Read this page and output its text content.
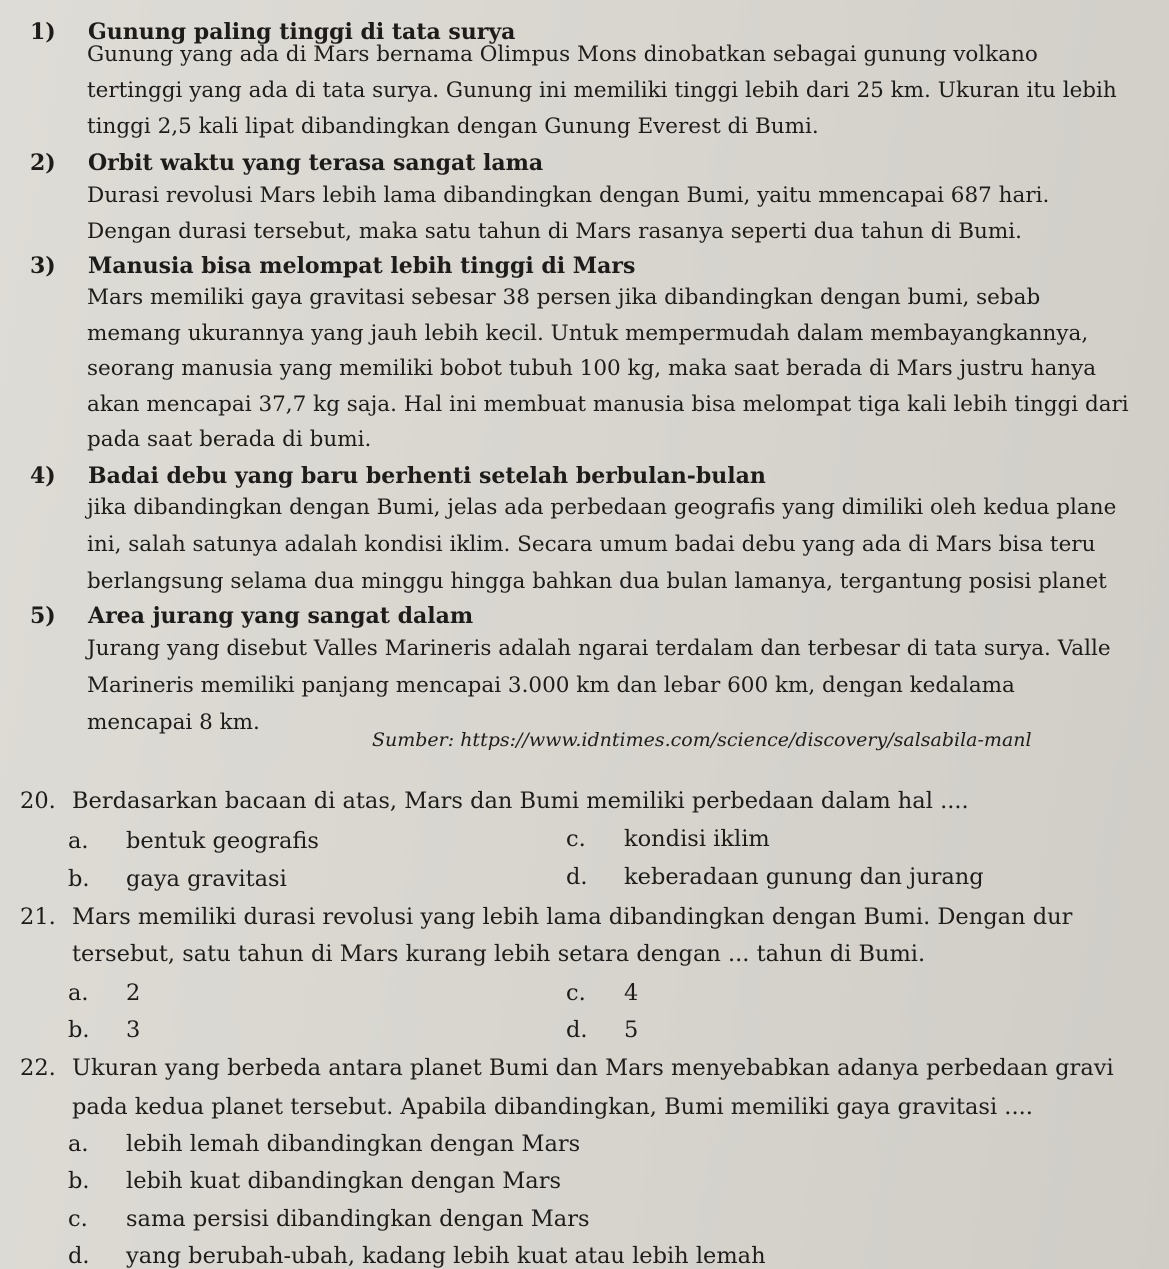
1) Gunung paling tinggi di tata surya
Gunung yang ada di Mars bernama Olimpus Mons dinobatkan sebagai gunung volkano
tertinggi yang ada di tata surya. Gunung ini memiliki tinggi lebih dari 25 km. Ukuran itu lebih
tinggi 2,5 kali lipat dibandingkan dengan Gunung Everest di Bumi.
2) Orbit waktu yang terasa sangat lama
Durasi revolusi Mars lebih lama dibandingkan dengan Bumi, yaitu mmencapai 687 hari.
Dengan durasi tersebut, maka satu tahun di Mars rasanya seperti dua tahun di Bumi.
3) Manusia bisa melompat lebih tinggi di Mars
Mars memiliki gaya gravitasi sebesar 38 persen jika dibandingkan dengan bumi, sebab
memang ukurannya yang jauh lebih kecil. Untuk mempermudah dalam membayangkannya,
seorang manusia yang memiliki bobot tubuh 100 kg, maka saat berada di Mars justru hanya
akan mencapai 37,7 kg saja. Hal ini membuat manusia bisa melompat tiga kali lebih tinggi dari
pada saat berada di bumi.
4) Badai debu yang baru berhenti setelah berbulan-bulan
jika dibandingkan dengan Bumi, jelas ada perbedaan geografis yang dimiliki oleh kedua plane
ini, salah satunya adalah kondisi iklim. Secara umum badai debu yang ada di Mars bisa teru
berlangsung selama dua minggu hingga bahkan dua bulan lamanya, tergantung posisi planet
5) Area jurang yang sangat dalam
Jurang yang disebut Valles Marineris adalah ngarai terdalam dan terbesar di tata surya. Valle
Marineris memiliki panjang mencapai 3.000 km dan lebar 600 km, dengan kedalama
mencapai 8 km.
Sumber: https://www.idntimes.com/science/discovery/salsabila-manl
20. Berdasarkan bacaan di atas, Mars dan Bumi memiliki perbedaan dalam hal ....
a. bentuk geografis
b. gaya gravitasi
c. kondisi iklim
d. keberadaan gunung dan jurang
21. Mars memiliki durasi revolusi yang lebih lama dibandingkan dengan Bumi. Dengan dur
tersebut, satu tahun di Mars kurang lebih setara dengan ... tahun di Bumi.
a. 2
b. 3
c. 4
d. 5
22. Ukuran yang berbeda antara planet Bumi dan Mars menyebabkan adanya perbedaan gravi
pada kedua planet tersebut. Apabila dibandingkan, Bumi memiliki gaya gravitasi ....
a. lebih lemah dibandingkan dengan Mars
b. lebih kuat dibandingkan dengan Mars
c. sama persisi dibandingkan dengan Mars
d. yang berubah-ubah, kadang lebih kuat atau lebih lemah
